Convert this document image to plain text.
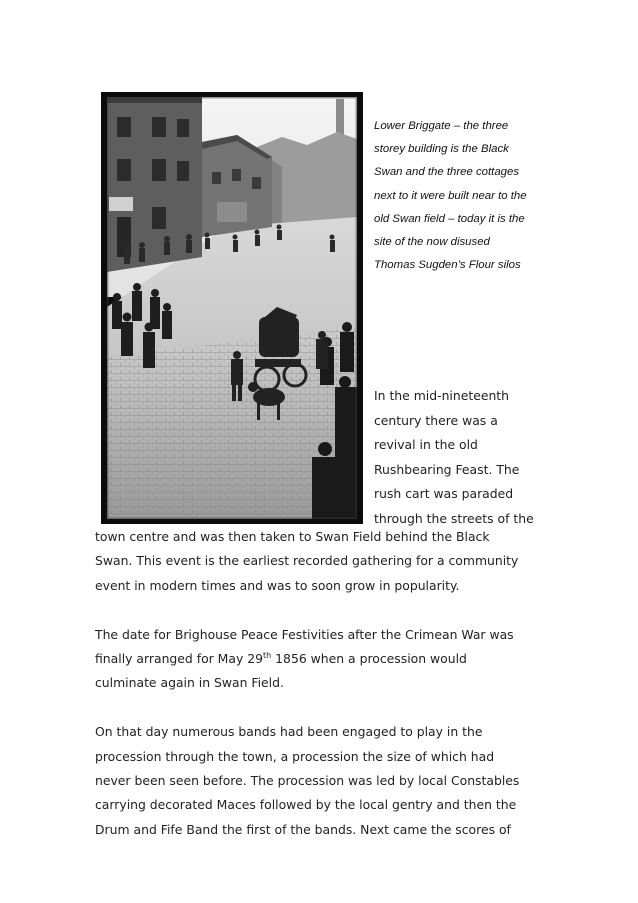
Lower Briggate – the three
storey building is the Black
Swan and the three cottages
next to it were built near to the
old Swan field – today it is the
site of the now disused
Thomas Sugden’s Flour silos
In the mid-nineteenth
century there was a
revival in the old
Rushbearing Feast. The
rush cart was paraded
through the streets of the
town centre and was then taken to Swan Field behind the Black
Swan. This event is the earliest recorded gathering for a community
event in modern times and was to soon grow in popularity.
The date for Brighouse Peace Festivities after the Crimean War was
finally arranged for May 29th 1856 when a procession would
culminate again in Swan Field.
On that day numerous bands had been engaged to play in the
procession through the town, a procession the size of which had
never been seen before. The procession was led by local Constables
carrying decorated Maces followed by the local gentry and then the
Drum and Fife Band the first of the bands. Next came the scores of
